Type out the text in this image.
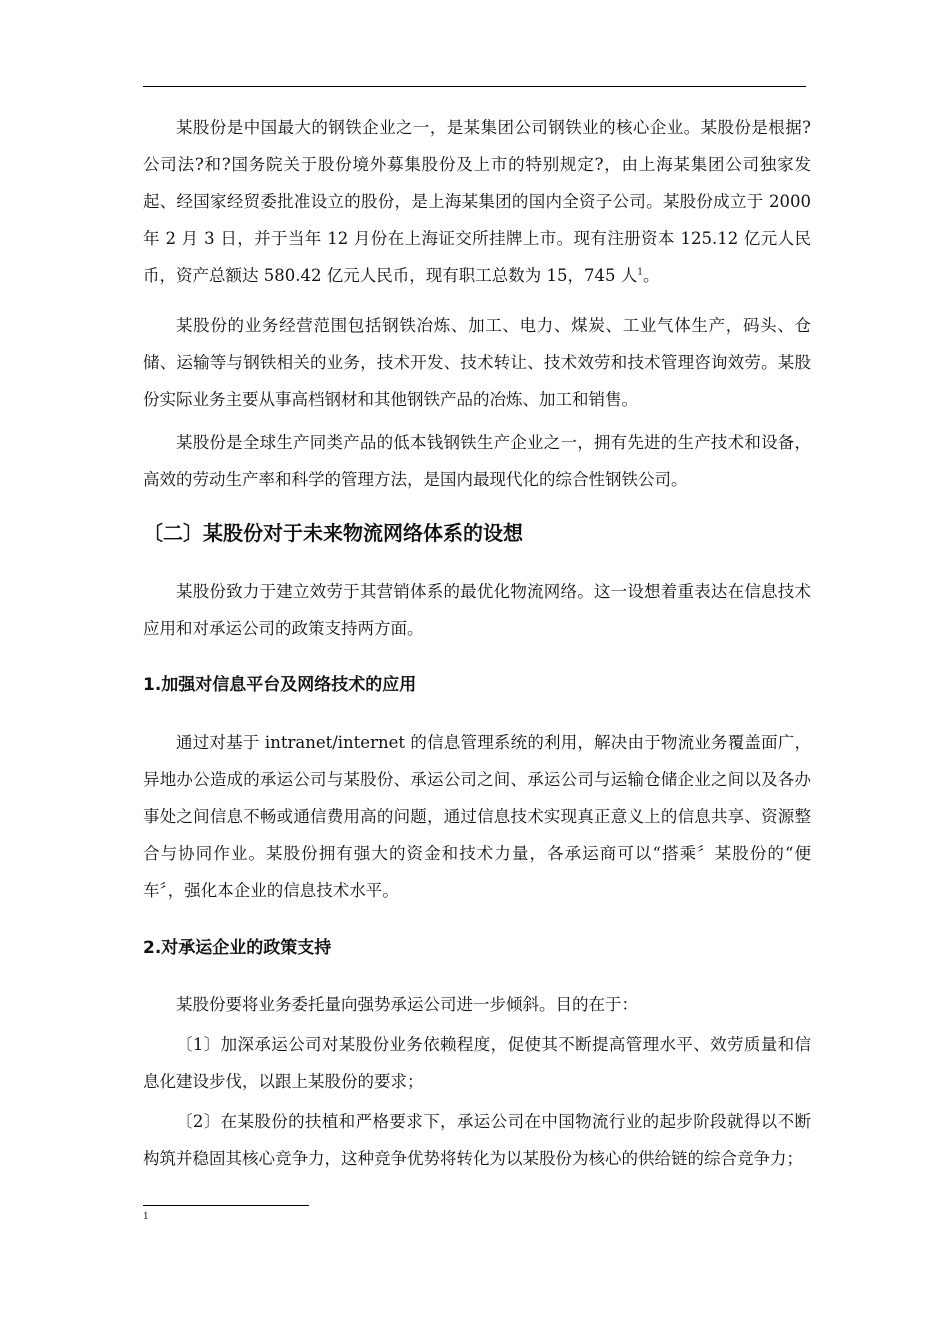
某股份是中国最大的钢铁企业之一，是某集团公司钢铁业的核心企业。某股份是根据?公司法?和?国务院关于股份境外募集股份及上市的特别规定?，由上海某集团公司独家发起、经国家经贸委批准设立的股份，是上海某集团的国内全资子公司。某股份成立于 2000 年 2 月 3 日，并于当年 12 月份在上海证交所挂牌上市。现有注册资本 125.12 亿元人民币，资产总额达 580.42 亿元人民币，现有职工总数为 15，745 人$^1$。

某股份的业务经营范围包括钢铁冶炼、加工、电力、煤炭、工业气体生产，码头、仓储、运输等与钢铁相关的业务，技术开发、技术转让、技术效劳和技术管理咨询效劳。某股份实际业务主要从事高档钢材和其他钢铁产品的冶炼、加工和销售。

某股份是全球生产同类产品的低本钱钢铁生产企业之一，拥有先进的生产技术和设备，高效的劳动生产率和科学的管理方法，是国内最现代化的综合性钢铁公司。

〔二〕某股份对于未来物流网络体系的设想

某股份致力于建立效劳于其营销体系的最优化物流网络。这一设想着重表达在信息技术应用和对承运公司的政策支持两方面。

1.加强对信息平台及网络技术的应用

通过对基于 intranet/internet 的信息管理系统的利用，解决由于物流业务覆盖面广，异地办公造成的承运公司与某股份、承运公司之间、承运公司与运输仓储企业之间以及各办事处之间信息不畅或通信费用高的问题，通过信息技术实现真正意义上的信息共享、资源整合与协同作业。某股份拥有强大的资金和技术力量，各承运商可以“搭乘〞某股份的“便车〞，强化本企业的信息技术水平。

2.对承运企业的政策支持

某股份要将业务委托量向强势承运公司进一步倾斜。目的在于：

〔1〕加深承运公司对某股份业务依赖程度，促使其不断提高管理水平、效劳质量和信息化建设步伐，以跟上某股份的要求；

〔2〕在某股份的扶植和严格要求下，承运公司在中国物流行业的起步阶段就得以不断构筑并稳固其核心竞争力，这种竞争优势将转化为以某股份为核心的供给链的综合竞争力；

1
